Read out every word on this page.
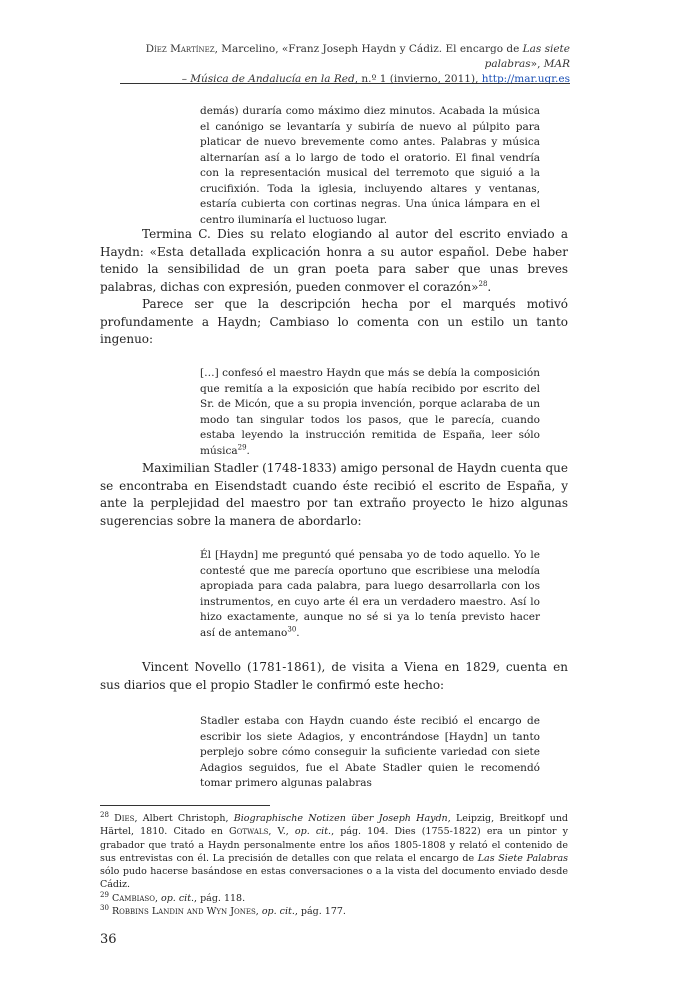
Díez Martínez, Marcelino, «Franz Joseph Haydn y Cádiz. El encargo de Las siete palabras», MAR
– Música de Andalucía en la Red, n.º 1 (invierno, 2011), http://mar.ugr.es
demás) duraría como máximo diez minutos. Acabada la música el canónigo se levantaría y subiría de nuevo al púlpito para platicar de nuevo brevemente como antes. Palabras y música alternarían así a lo largo de todo el oratorio. El final vendría con la representación musical del terremoto que siguió a la crucifixión. Toda la iglesia, incluyendo altares y ventanas, estaría cubierta con cortinas negras. Una única lámpara en el centro iluminaría el luctuoso lugar.
Termina C. Dies su relato elogiando al autor del escrito enviado a Haydn: «Esta detallada explicación honra a su autor español. Debe haber tenido la sensibilidad de un gran poeta para saber que unas breves palabras, dichas con expresión, pueden conmover el corazón»$^{28}$.
Parece ser que la descripción hecha por el marqués motivó profundamente a Haydn; Cambiaso lo comenta con un estilo un tanto ingenuo:
[…] confesó el maestro Haydn que más se debía la composición que remitía a la exposición que había recibido por escrito del Sr. de Micón, que a su propia invención, porque aclaraba de un modo tan singular todos los pasos, que le parecía, cuando estaba leyendo la instrucción remitida de España, leer sólo música$^{29}$.
Maximilian Stadler (1748-1833) amigo personal de Haydn cuenta que se encontraba en Eisendstadt cuando éste recibió el escrito de España, y ante la perplejidad del maestro por tan extraño proyecto le hizo algunas sugerencias sobre la manera de abordarlo:
Él [Haydn] me preguntó qué pensaba yo de todo aquello. Yo le contesté que me parecía oportuno que escribiese una melodía apropiada para cada palabra, para luego desarrollarla con los instrumentos, en cuyo arte él era un verdadero maestro. Así lo hizo exactamente, aunque no sé si ya lo tenía previsto hacer así de antemano$^{30}$.
Vincent Novello (1781-1861), de visita a Viena en 1829, cuenta en sus diarios que el propio Stadler le confirmó este hecho:
Stadler estaba con Haydn cuando éste recibió el encargo de escribir los siete Adagios, y encontrándose [Haydn] un tanto perplejo sobre cómo conseguir la suficiente variedad con siete Adagios seguidos, fue el Abate Stadler quien le recomendó tomar primero algunas palabras

$^{28}$ Dies, Albert Christoph, Biographische Notizen über Joseph Haydn, Leipzig, Breitkopf und Härtel, 1810. Citado en Gotwals, V., op. cit., pág. 104. Dies (1755-1822) era un pintor y grabador que trató a Haydn personalmente entre los años 1805-1808 y relató el contenido de sus entrevistas con él. La precisión de detalles con que relata el encargo de Las Siete Palabras sólo pudo hacerse basándose en estas conversaciones o a la vista del documento enviado desde Cádiz.

$^{29}$ Cambiaso, op. cit., pág. 118.

$^{30}$ Robbins Landin and Wyn Jones, op. cit., pág. 177.

36
